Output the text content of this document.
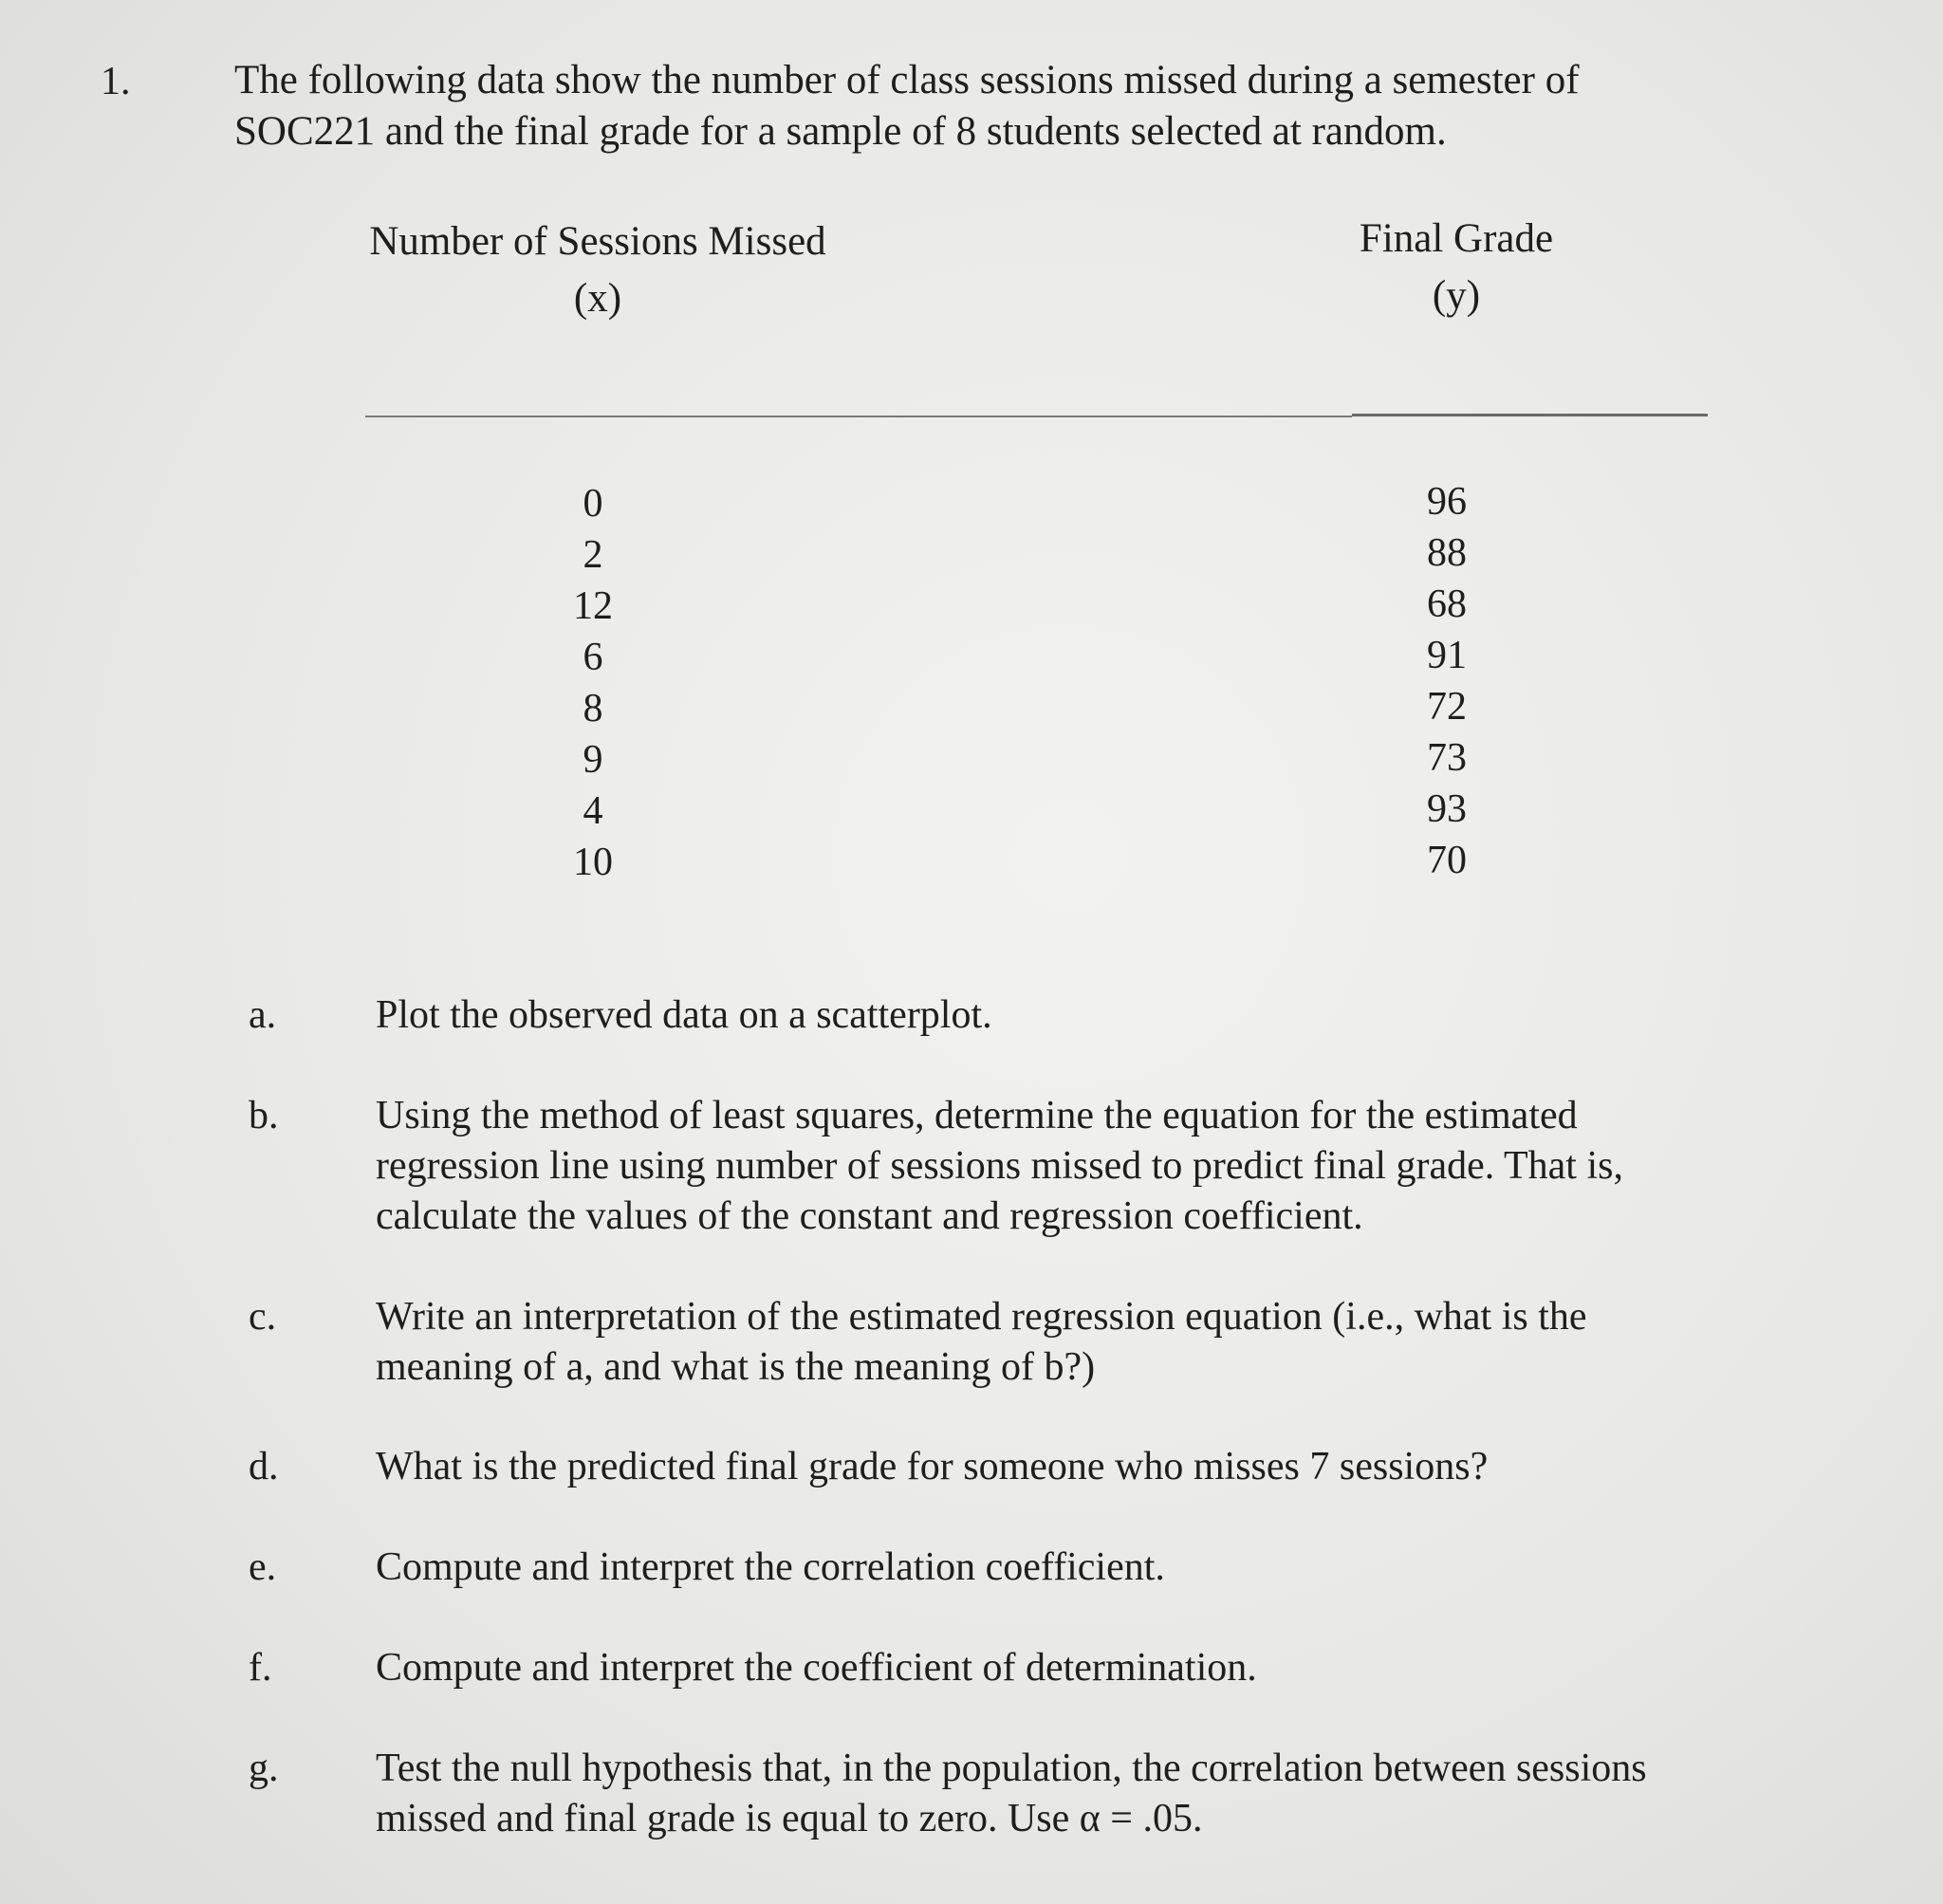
1.	The following data show the number of class sessions missed during a semester of SOC221 and the final grade for a sample of 8 students selected at random.
Number of Sessions Missed
(x)
Final Grade
(y)
0
2
12
6
8
9
4
10
96
88
68
91
72
73
93
70
a. Plot the observed data on a scatterplot.
b. Using the method of least squares, determine the equation for the estimated regression line using number of sessions missed to predict final grade. That is, calculate the values of the constant and regression coefficient.
c. Write an interpretation of the estimated regression equation (i.e., what is the meaning of a, and what is the meaning of b?)
d. What is the predicted final grade for someone who misses 7 sessions?
e. Compute and interpret the correlation coefficient.
f.	Compute and interpret the coefficient of determination.
g. Test the null hypothesis that, in the population, the correlation between sessions missed and final grade is equal to zero. Use α = .05.
